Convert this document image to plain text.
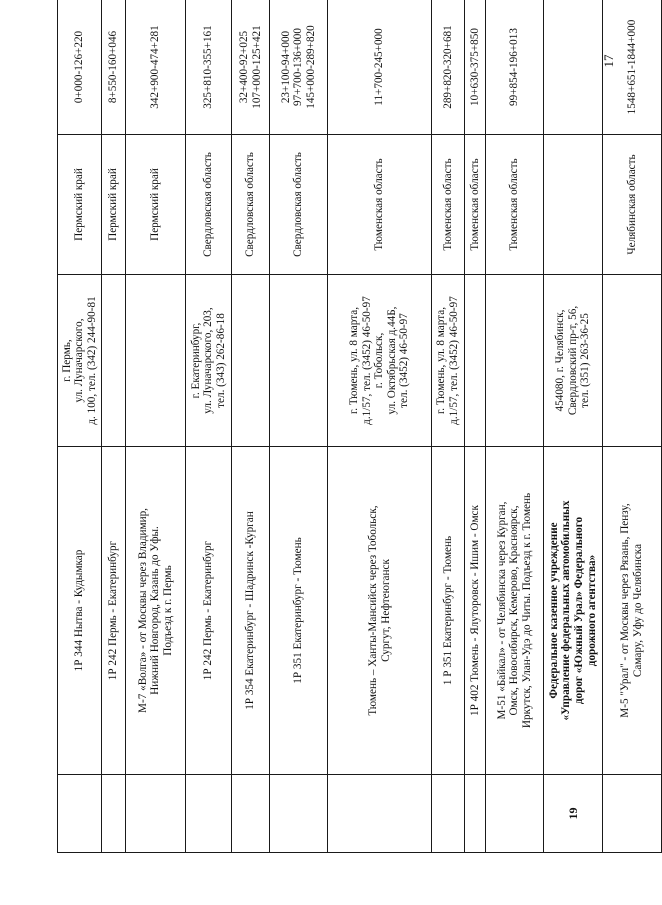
	1Р 344 Нытва - Кудымкар	г. Пермь,
ул. Луначарского,
д. 100, тел. (342) 244-90-81	Пермский край	0+000-126+220
	1Р 242 Пермь - Екатеринбург		Пермский край	8+550-160+046
	М-7 «Волга» - от Москвы через Владимир,
Нижний Новгород, Казань до Уфы.
Подъезд к г. Пермь		Пермский край	342+900-474+281
	1Р 242 Пермь - Екатеринбург	г. Екатеринбург,
ул. Луначарского, 203,
тел. (343) 262-86-18	Свердловская область	325+810-355+161
	1Р 354 Екатеринбург - Шадринск -Курган		Свердловская область	32+400-92+025
107+000-125+421
	1Р 351 Екатеринбург - Тюмень		Свердловская область	23+100-94+000
97+700-136+000
145+000-289+820
	Тюмень – Ханты-Мансийск через Тобольск,
Сургут, Нефтеюганск	г. Тюмень, ул. 8 марта,
д.1/57, тел. (3452) 46-50-97
г. Тобольск,
ул. Октябрьская д.44Б,
тел. (3452) 46-50-97	Тюменская область	11+700-245+000
	1 Р 351 Екатеринбург - Тюмень	г. Тюмень, ул. 8 марта,
д.1/57, тел. (3452) 46-50-97	Тюменская область	289+820-320+681
	1Р 402 Тюмень - Ялуторовск - Ишим - Омск		Тюменская область	10+630-375+850
	М-51 «Байкал» - от Челябинска через Курган,
Омск, Новосибирск, Кемерово, Красноярск,
Иркутск, Улан-Удэ до Читы. Подъезд к г. Тюмень		Тюменская область	99+854-196+013
19	Федеральное казенное учреждение
«Управление федеральных автомобильных
дорог «Южный Урал» Федерального
дорожного агентства»	454080, г. Челябинск,
Свердловский пр-т, 56,
тел. (351) 263-36-25		
	М-5 "Урал" - от Москвы через Рязань, Пензу,
Самару, Уфу до Челябинска		Челябинская область	1548+651-1844+000
17
